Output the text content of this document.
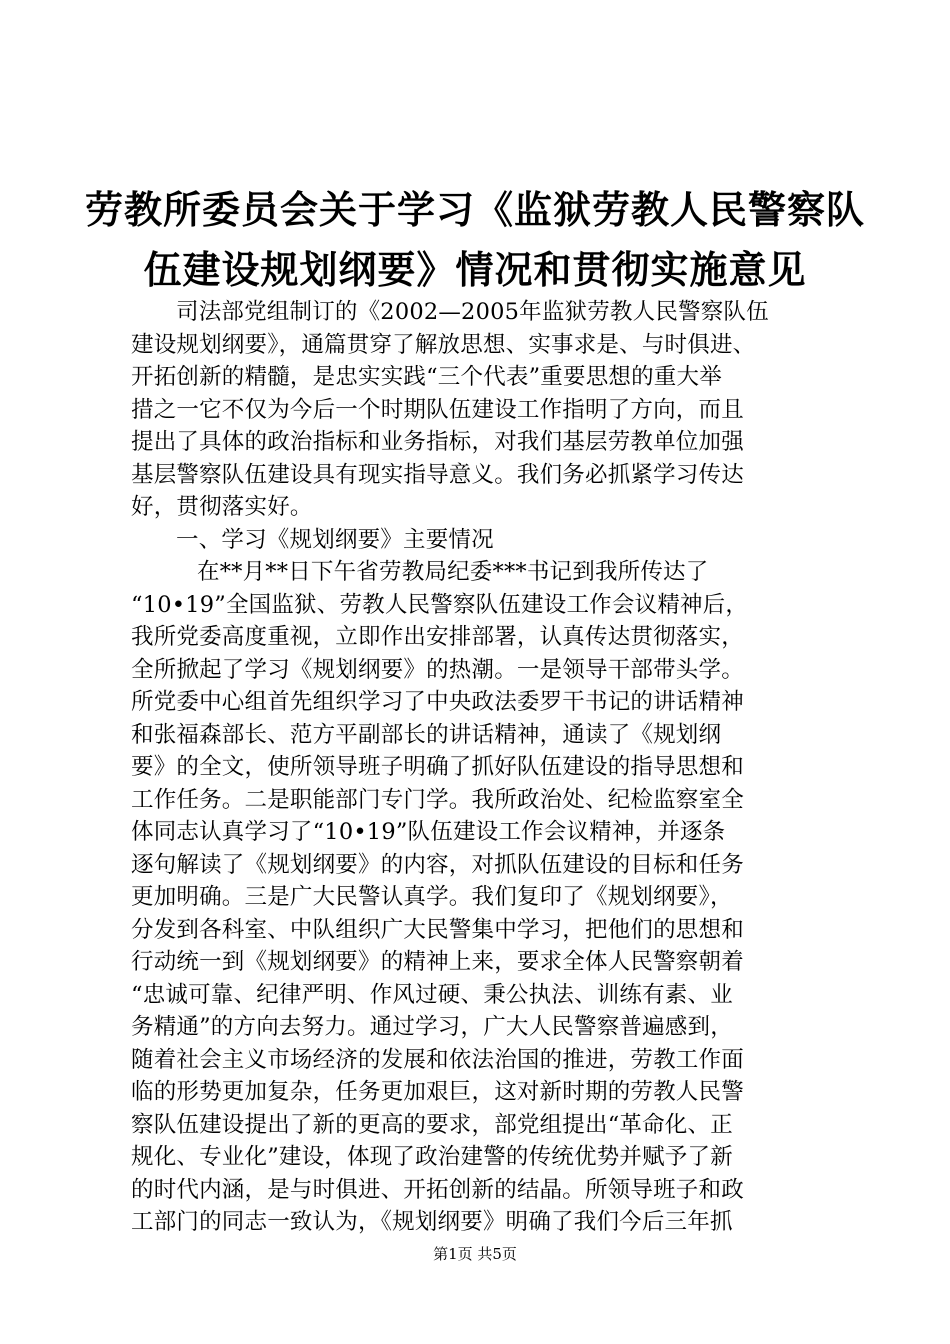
劳教所委员会关于学习《监狱劳教人民警察队
伍建设规划纲要》情况和贯彻实施意见
司法部党组制订的《2002—2005年监狱劳教人民警察队伍
建设规划纲要》，通篇贯穿了解放思想、实事求是、与时俱进、
开拓创新的精髓，是忠实实践“三个代表”重要思想的重大举
措之一它不仅为今后一个时期队伍建设工作指明了方向，而且
提出了具体的政治指标和业务指标，对我们基层劳教单位加强
基层警察队伍建设具有现实指导意义。我们务必抓紧学习传达
好，贯彻落实好。
一、学习《规划纲要》主要情况
在**月**日下午省劳教局纪委***书记到我所传达了
“10•19”全国监狱、劳教人民警察队伍建设工作会议精神后，
我所党委高度重视，立即作出安排部署，认真传达贯彻落实，
全所掀起了学习《规划纲要》的热潮。一是领导干部带头学。
所党委中心组首先组织学习了中央政法委罗干书记的讲话精神
和张福森部长、范方平副部长的讲话精神，通读了《规划纲
要》的全文，使所领导班子明确了抓好队伍建设的指导思想和
工作任务。二是职能部门专门学。我所政治处、纪检监察室全
体同志认真学习了“10•19”队伍建设工作会议精神，并逐条
逐句解读了《规划纲要》的内容，对抓队伍建设的目标和任务
更加明确。三是广大民警认真学。我们复印了《规划纲要》，
分发到各科室、中队组织广大民警集中学习，把他们的思想和
行动统一到《规划纲要》的精神上来，要求全体人民警察朝着
“忠诚可靠、纪律严明、作风过硬、秉公执法、训练有素、业
务精通”的方向去努力。通过学习，广大人民警察普遍感到，
随着社会主义市场经济的发展和依法治国的推进，劳教工作面
临的形势更加复杂，任务更加艰巨，这对新时期的劳教人民警
察队伍建设提出了新的更高的要求，部党组提出“革命化、正
规化、专业化”建设，体现了政治建警的传统优势并赋予了新
的时代内涵，是与时俱进、开拓创新的结晶。所领导班子和政
工部门的同志一致认为，《规划纲要》明确了我们今后三年抓
第1页 共5页
